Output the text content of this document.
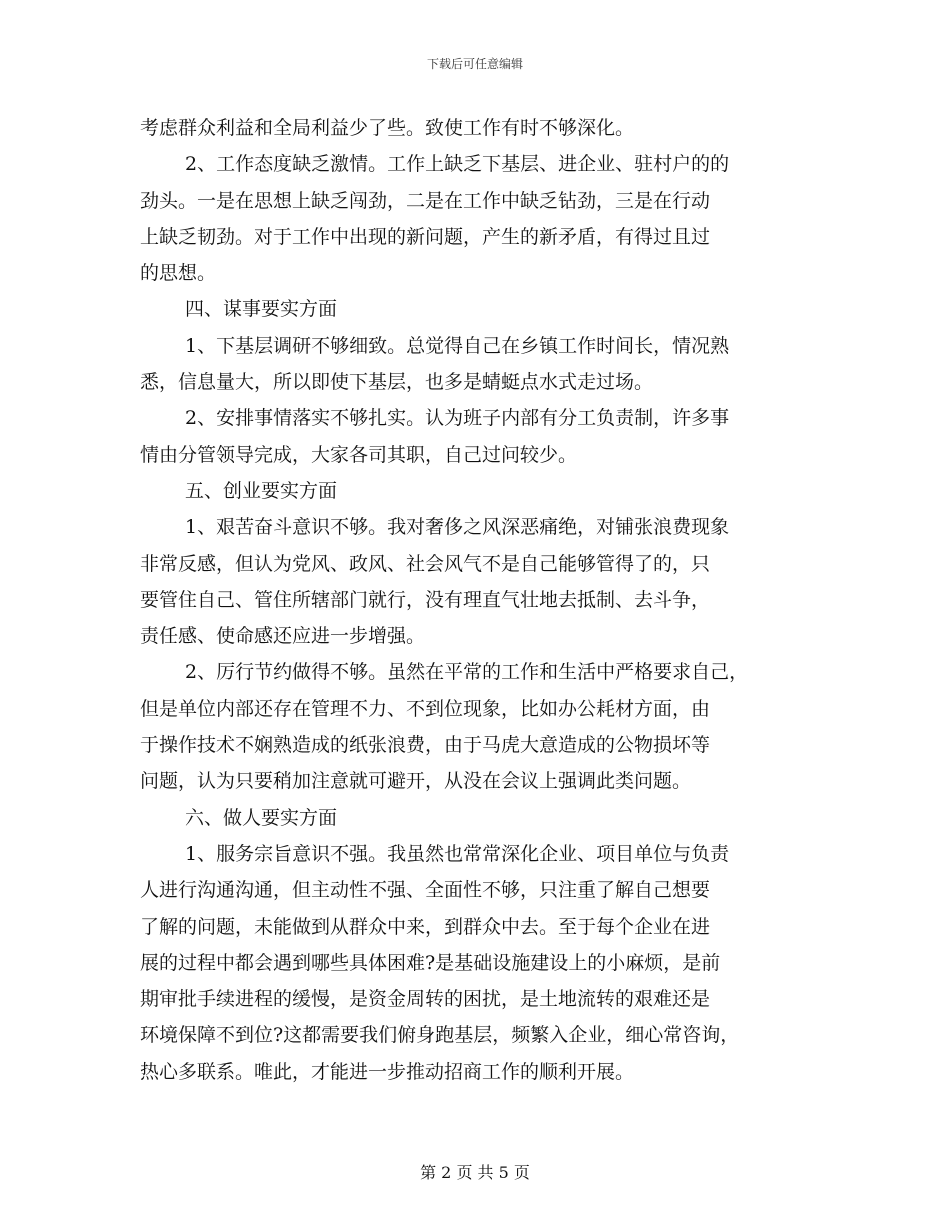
下载后可任意编辑
考虑群众利益和全局利益少了些。致使工作有时不够深化。
2、工作态度缺乏激情。工作上缺乏下基层、进企业、驻村户的的
劲头。一是在思想上缺乏闯劲，二是在工作中缺乏钻劲，三是在行动
上缺乏韧劲。对于工作中出现的新问题，产生的新矛盾，有得过且过
的思想。
四、谋事要实方面
1、下基层调研不够细致。总觉得自己在乡镇工作时间长，情况熟
悉，信息量大，所以即使下基层，也多是蜻蜓点水式走过场。
2、安排事情落实不够扎实。认为班子内部有分工负责制，许多事
情由分管领导完成，大家各司其职，自己过问较少。
五、创业要实方面
1、艰苦奋斗意识不够。我对奢侈之风深恶痛绝，对铺张浪费现象
非常反感，但认为党风、政风、社会风气不是自己能够管得了的，只
要管住自己、管住所辖部门就行，没有理直气壮地去抵制、去斗争，
责任感、使命感还应进一步增强。
2、厉行节约做得不够。虽然在平常的工作和生活中严格要求自己，
但是单位内部还存在管理不力、不到位现象，比如办公耗材方面，由
于操作技术不娴熟造成的纸张浪费，由于马虎大意造成的公物损坏等
问题，认为只要稍加注意就可避开，从没在会议上强调此类问题。
六、做人要实方面
1、服务宗旨意识不强。我虽然也常常深化企业、项目单位与负责
人进行沟通沟通，但主动性不强、全面性不够，只注重了解自己想要
了解的问题，未能做到从群众中来，到群众中去。至于每个企业在进
展的过程中都会遇到哪些具体困难?是基础设施建设上的小麻烦，是前
期审批手续进程的缓慢，是资金周转的困扰，是土地流转的艰难还是
环境保障不到位?这都需要我们俯身跑基层，频繁入企业，细心常咨询，
热心多联系。唯此，才能进一步推动招商工作的顺利开展。
第 2 页 共 5 页
